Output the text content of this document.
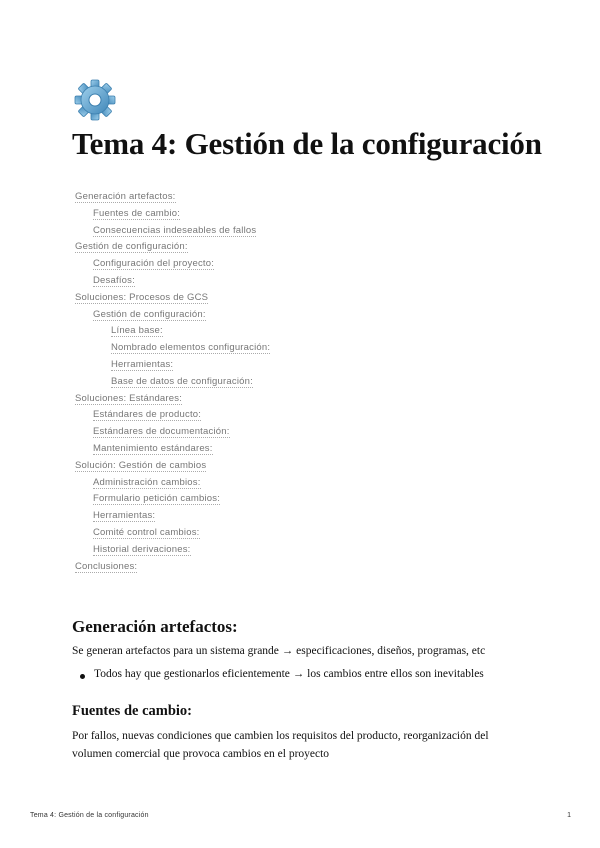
Tema 4: Gestión de la configuración
Generación artefactos:
Fuentes de cambio:
Consecuencias indeseables de fallos
Gestión de configuración:
Configuración del proyecto:
Desafíos:
Soluciones: Procesos de GCS
Gestión de configuración:
Línea base:
Nombrado elementos configuración:
Herramientas:
Base de datos de configuración:
Soluciones: Estándares:
Estándares de producto:
Estándares de documentación:
Mantenimiento estándares:
Solución: Gestión de cambios
Administración cambios:
Formulario petición cambios:
Herramientas:
Comité control cambios:
Historial derivaciones:
Conclusiones:
Generación artefactos:

Se generan artefactos para un sistema grande → especificaciones, diseños, programas, etc

Todos hay que gestionarlos eficientemente → los cambios entre ellos son inevitables
Fuentes de cambio:

Por fallos, nuevas condiciones que cambien los requisitos del producto, reorganización del volumen comercial que provoca cambios en el proyecto

Tema 4: Gestión de la configuración	1
